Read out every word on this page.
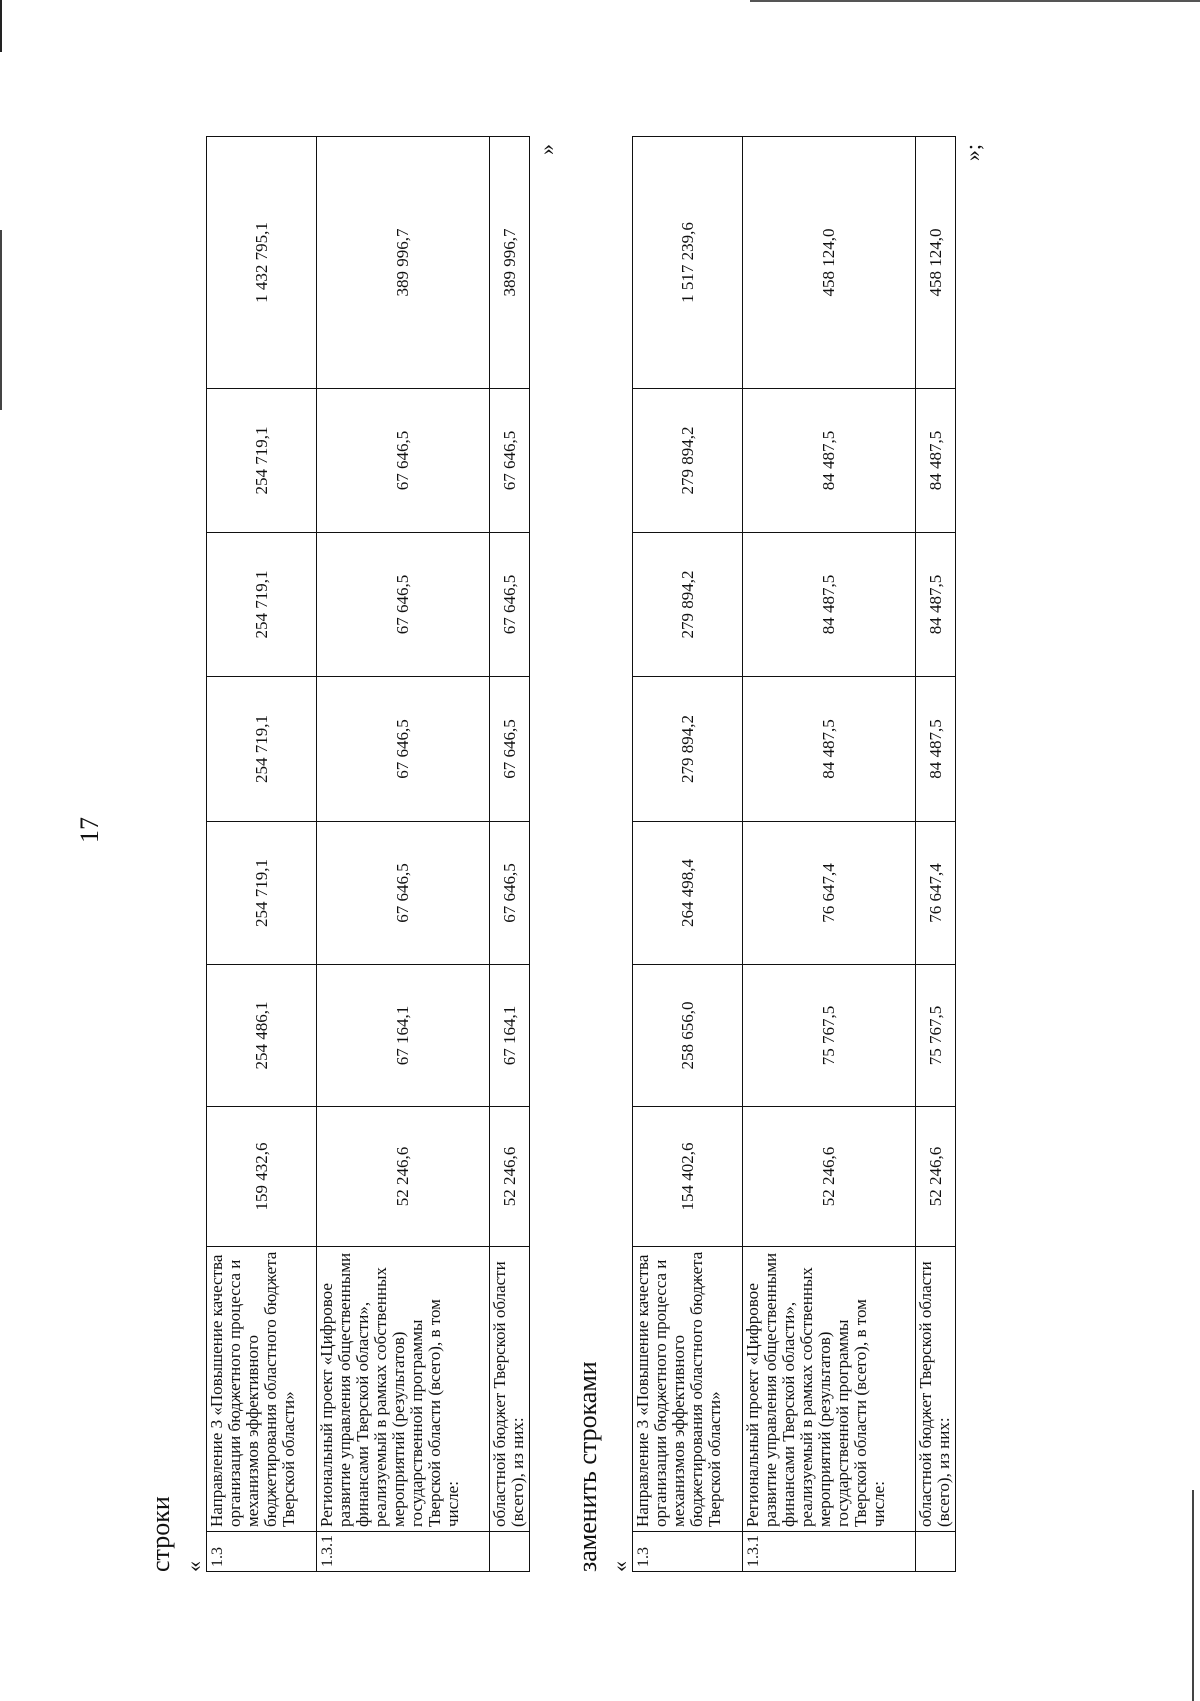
17
строки « 1.3	Направление 3 «Повышение качества организации бюджетного процесса и механизмов эффективного бюджетирования областного бюджета Тверской области»	159 432,6	254 486,1	254 719,1	254 719,1	254 719,1	254 719,1	1 432 795,1
1.3.1	Региональный проект «Цифровое развитие управления общественными финансами Тверской области», реализуемый в рамках собственных мероприятий (результатов) государственной программы Тверской области (всего), в том числе:	52 246,6	67 164,1	67 646,5	67 646,5	67 646,5	67 646,5	389 996,7
	областной бюджет Тверской области (всего), из них:	52 246,6	67 164,1	67 646,5	67 646,5	67 646,5	67 646,5	389 996,7
»
заменить строками « 1.3	Направление 3 «Повышение качества организации бюджетного процесса и механизмов эффективного бюджетирования областного бюджета Тверской области»	154 402,6	258 656,0	264 498,4	279 894,2	279 894,2	279 894,2	1 517 239,6
1.3.1	Региональный проект «Цифровое развитие управления общественными финансами Тверской области», реализуемый в рамках собственных мероприятий (результатов) государственной программы Тверской области (всего), в том числе:	52 246,6	75 767,5	76 647,4	84 487,5	84 487,5	84 487,5	458 124,0
	областной бюджет Тверской области (всего), из них:	52 246,6	75 767,5	76 647,4	84 487,5	84 487,5	84 487,5	458 124,0
»;
